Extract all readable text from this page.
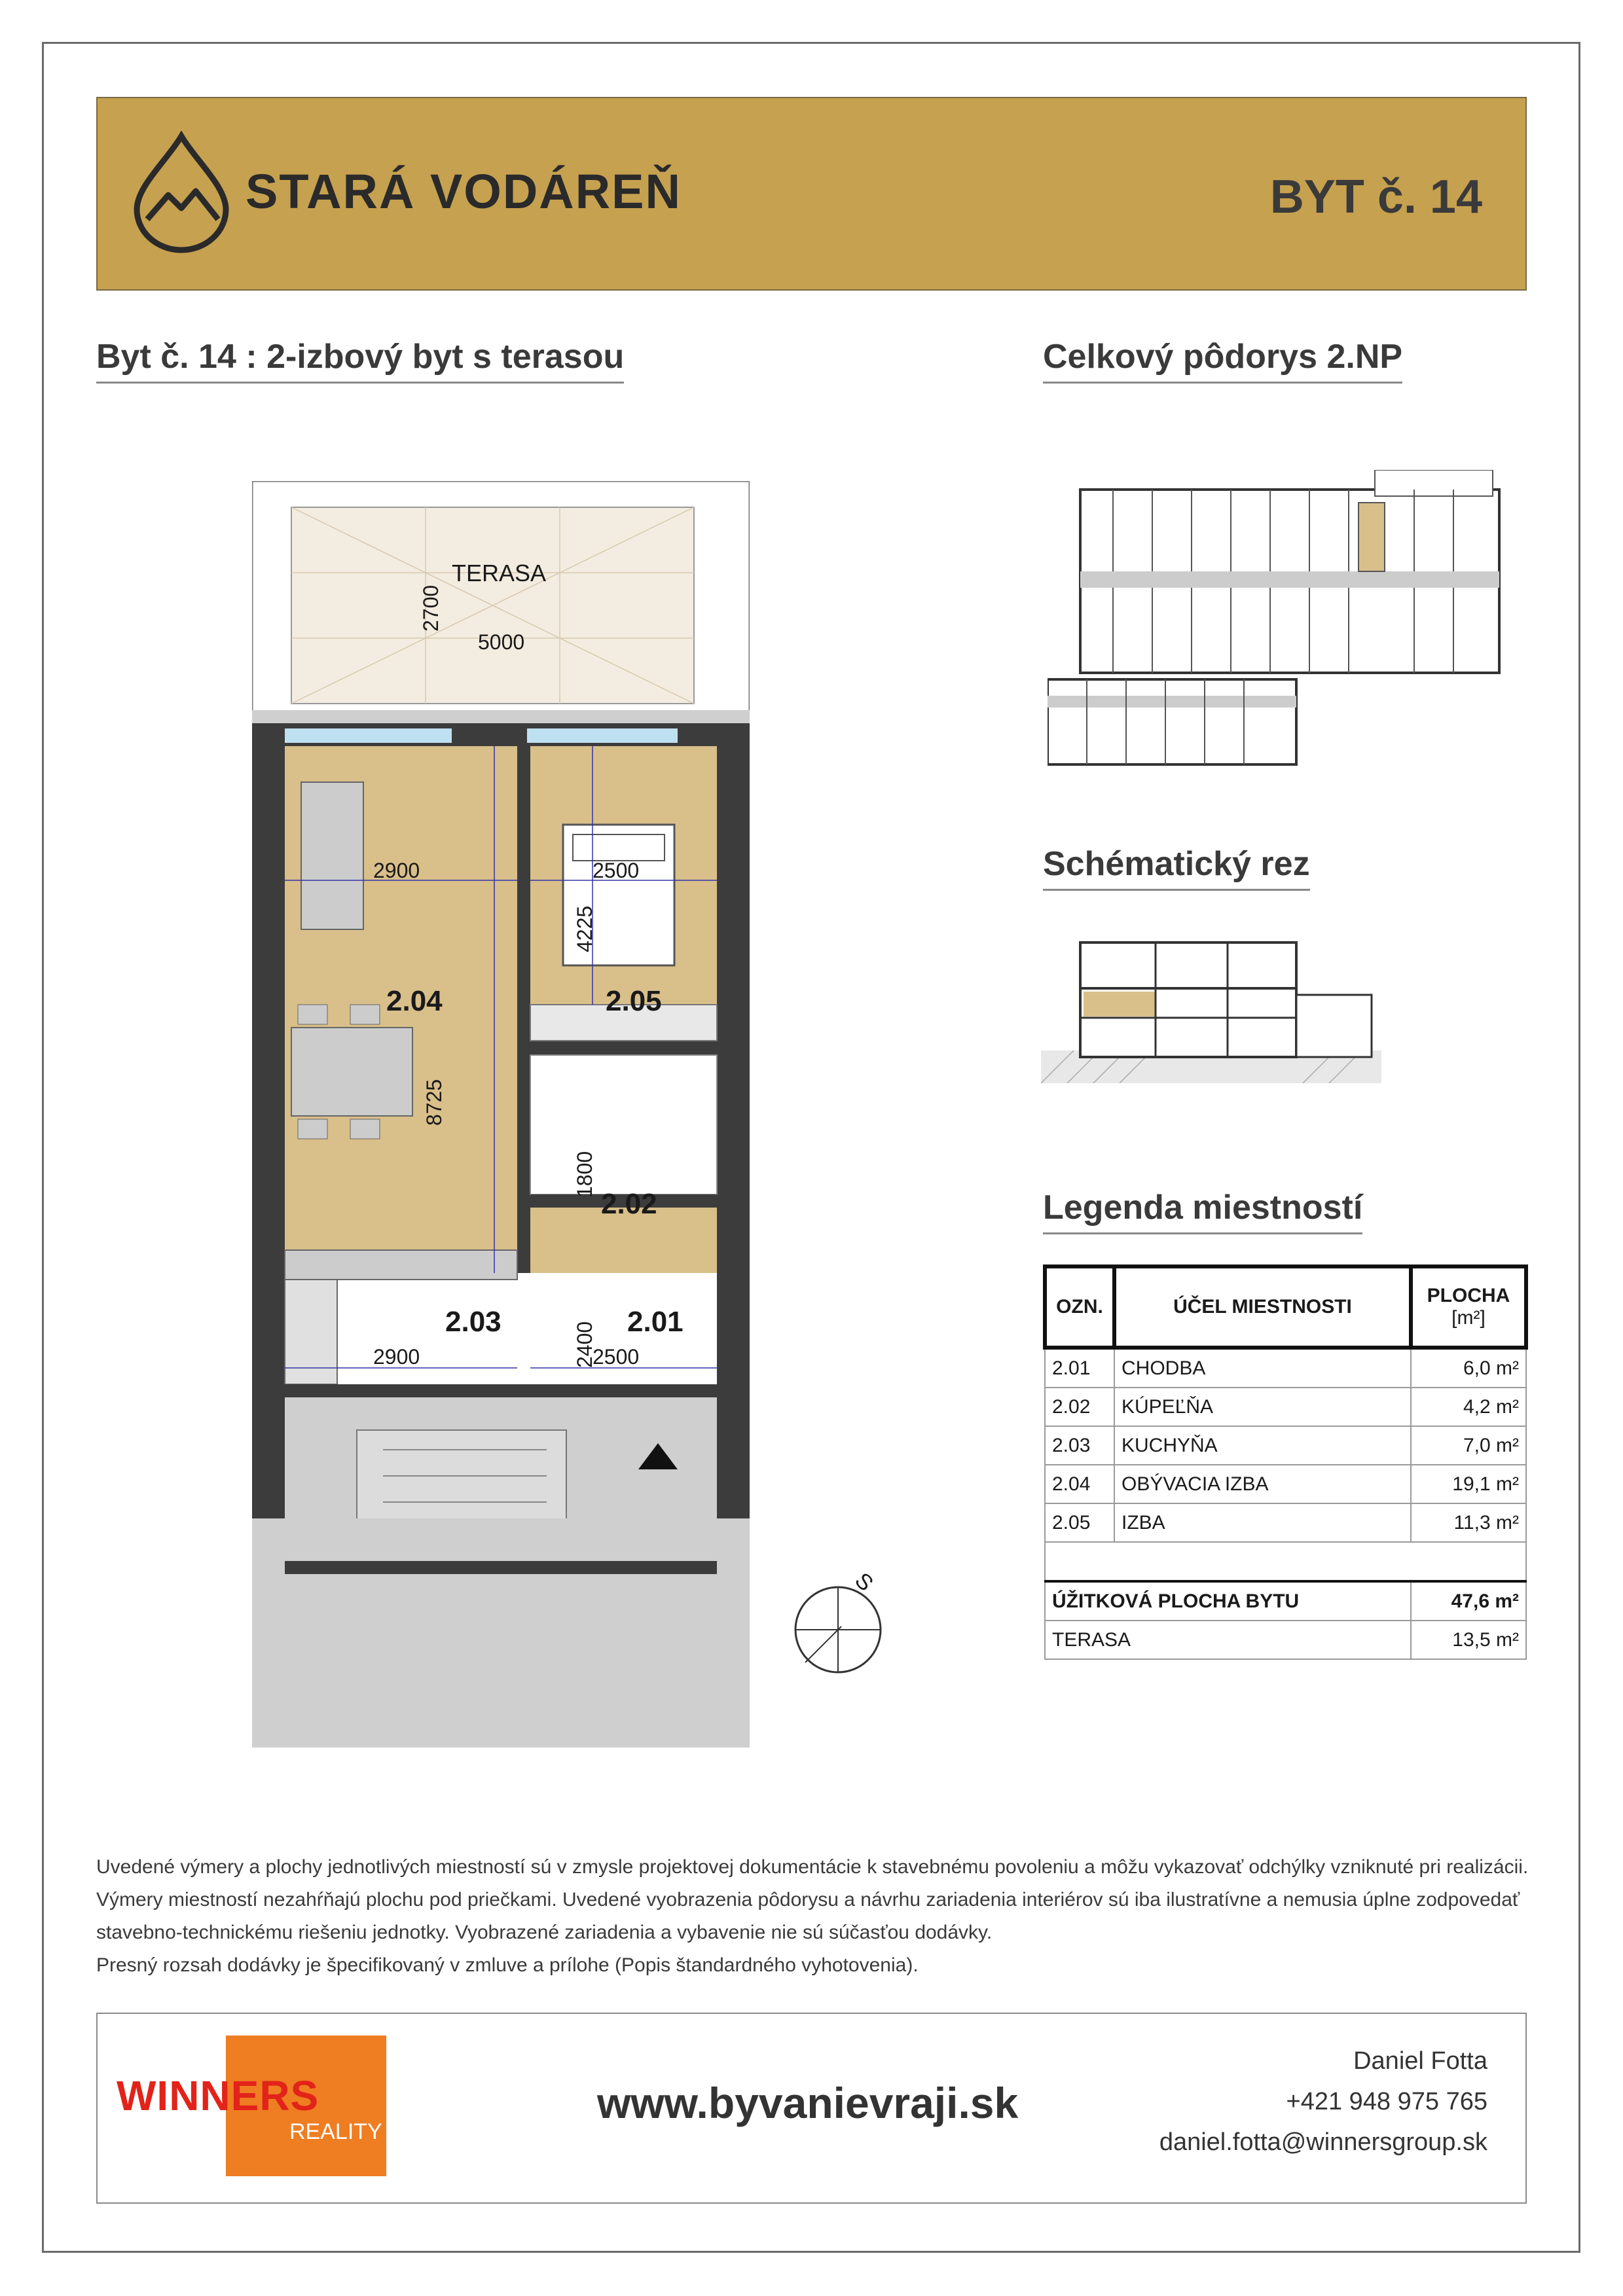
STARÁ VODÁREŇ	BYT č. 14
Byt č. 14 : 2-izbový byt s terasou	Celkový pôdorys 2.NP
Schématický rez
Legenda miestností
TERASA
2700
5000
2900	2500
4225
8725
1800
2900	2400
2500
2.04	2.05
2.02
2.03	2.01
S
OZN.	ÚČEL MIESTNOSTI	PLOCHA
[m²]

2.01	CHODBA	6,0 m²
2.02	KÚPEĽŇA	4,2 m²
2.03	KUCHYŇA	7,0 m²
2.04	OBÝVACIA IZBA	19,1 m²
2.05	IZBA	11,3 m²

ÚŽITKOVÁ PLOCHA BYTU		47,6 m²
TERASA		13,5 m²
Uvedené výmery a plochy jednotlivých miestností sú v zmysle projektovej dokumentácie k stavebnému povoleniu a môžu vykazovať odchýlky vzniknuté pri realizácii.
Výmery miestností nezahŕňajú plochu pod priečkami. Uvedené vyobrazenia pôdorysu a návrhu zariadenia interiérov sú iba ilustratívne a nemusia úplne zodpovedať
stavebno-technickému riešeniu jednotky. Vyobrazené zariadenia a vybavenie nie sú súčasťou dodávky.
Presný rozsah dodávky je špecifikovaný v zmluve a prílohe (Popis štandardného vyhotovenia).
WINNERS
REALITY
www.byvanievraji.sk
Daniel Fotta
+421 948 975 765
daniel.fotta@winnersgroup.sk
